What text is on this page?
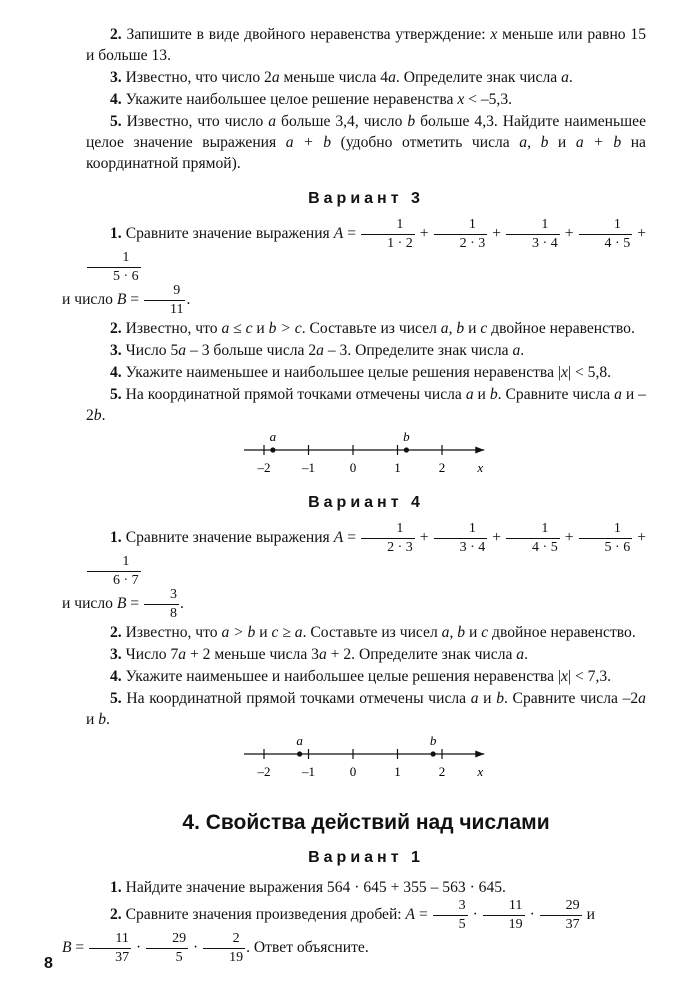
2. Запишите в виде двойного неравенства утверждение: x меньше или равно 15 и больше 13.

3. Известно, что число 2a меньше числа 4a. Определите знак числа a.

4. Укажите наибольшее целое решение неравенства x < –5,3.

5. Известно, что число a больше 3,4, число b больше 4,3. Найдите наименьшее целое значение выражения a + b (удобно отметить числа a, b и a + b на координатной прямой).

Вариант 3

1. Сравните значение выражения $A = \frac{1}{1 \cdot 2} + \frac{1}{2 \cdot 3} + \frac{1}{3 \cdot 4} + \frac{1}{4 \cdot 5}$ +
$\frac{1}{5 \cdot 6}$

и число $B = \frac{9}{11}$ .

2. Известно, что a ≤ c и b > c. Составьте из чисел a, b и c двойное неравенство.

3. Число 5a – 3 больше числа 2a – 3. Определите знак числа a.

4. Укажите наименьшее и наибольшее целые решения неравенства |x| < 5,8.

5. На координатной прямой точками отмечены числа a и b. Сравните числа a и –2b.

–2 –1	0	1	2 x
a	b
Вариант 4

1. Сравните значение выражения $A = \frac{1}{2 \cdot 3} + \frac{1}{3 \cdot 4} + \frac{1}{4 \cdot 5} + \frac{1}{5 \cdot 6}$ +
$\frac{1}{6 \cdot 7}$

и число $B = \frac{3}{8}$ .

2. Известно, что a > b и c ≥ a. Составьте из чисел a, b и c двойное неравенство.

3. Число 7a + 2 меньше числа 3a + 2. Определите знак числа a.

4. Укажите наименьшее и наибольшее целые решения неравенства |x| < 7,3.

5. На координатной прямой точками отмечены числа a и b. Сравните числа –2a и b.

–2 –1	0	1	2 x
a	b
4. Свойства действий над числами
Вариант 1

1. Найдите значение выражения 564 · 645 + 355 – 563 · 645.

2. Сравните значения произведения дробей: $A = \frac{3}{5} \cdot \frac{11}{19} \cdot \frac{29}{37}$ и
$B = \frac{11}{37} \cdot \frac{29}{5} \cdot \frac{2}{19}$ . Ответ объясните.

8
